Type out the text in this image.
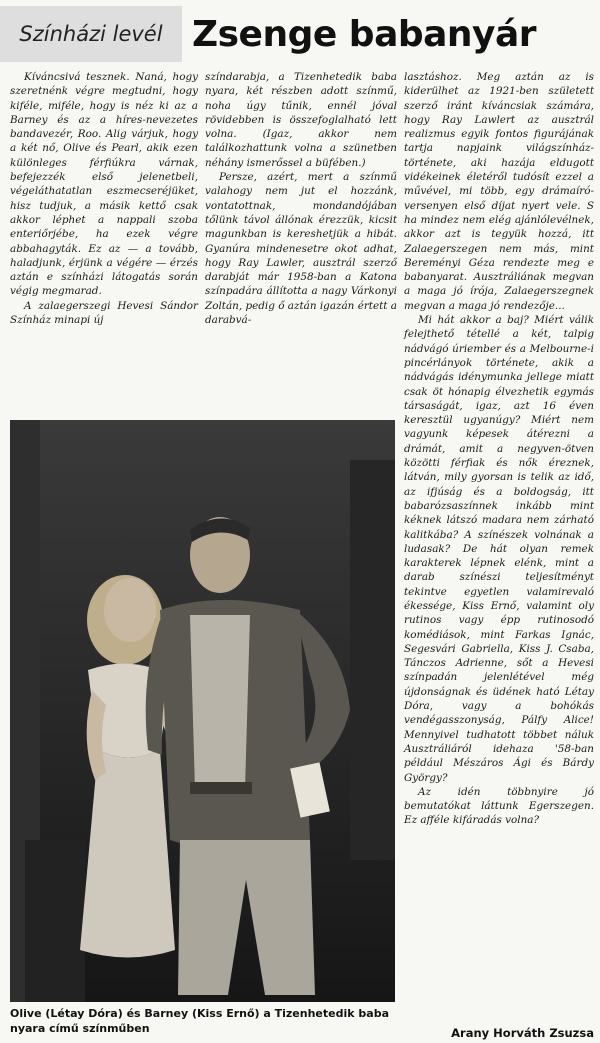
Színházi levél Zsenge babanyár

Kíváncsivá tesznek. Naná, hogy szeretnénk végre megtudni, hogy kiféle, miféle, hogy is néz ki az a Barney és az a híres-nevezetes bandavezér, Roo. Alig várjuk, hogy a két nő, Olive és Pearl, akik ezen különleges férfiúkra várnak, befejezzék első jelenetbeli, végeláthatatlan eszmecseréjüket, hisz tudjuk, a másik kettő csak akkor léphet a nappali szoba enteriőrjébe, ha ezek végre abbahagyták. Ez az — a tovább, haladjunk, érjünk a végére — érzés aztán e színházi látogatás során végig megmarad.

A zalaegerszegi Hevesi Sándor Színház minapi új

színdarabja, a Tizenhetedik baba nyara, két részben adott színmű, noha úgy tűnik, ennél jóval rövidebben is összefoglalható lett volna. (Igaz, akkor nem találkozhattunk volna a szünetben néhány ismerőssel a büfében.)

Persze, azért, mert a színmű valahogy nem jut el hozzánk, vontatottnak, mondandójában tőlünk távol állónak érezzük, kicsit magunkban is kereshetjük a hibát. Gyanúra mindenesetre okot adhat, hogy Ray Lawler, ausztrál szerző darabját már 1958-ban a Katona színpadára állította a nagy Várkonyi Zoltán, pedig ő aztán igazán értett a darabvá-

lasztáshoz. Meg aztán az is kiderülhet az 1921-ben született szerző iránt kíváncsiak számára, hogy Ray Lawlert az ausztrál realizmus egyik fontos figurájának tartja napjaink világszínház-története, aki hazája eldugott vidékeinek életéről tudósít ezzel a művével, mi több, egy drámaíró-versenyen első díjat nyert vele. S ha mindez nem elég ajánlólevélnek, akkor azt is tegyük hozzá, itt Zalaegerszegen nem más, mint Bereményi Géza rendezte meg e babanyarat. Ausztráliának megvan a maga jó írója, Zalaegerszegnek megvan a maga jó rendezője...

Mi hát akkor a baj? Miért válik felejthető tétellé a két, talpig nádvágó úriember és a Melbourne-i pincérlányok története, akik a nádvágás idénymunka jellege miatt csak öt hónapig élvezhetik egymás társaságát, igaz, azt 16 éven keresztül ugyanúgy? Miért nem vagyunk képesek átérezni a drámát, amit a negyven-ötven közötti férfiak és nők éreznek, látván, mily gyorsan is telik az idő, az ifjúság és a boldogság, itt babarózsaszínnek inkább mint kéknek látszó madara nem zárható kalitkába? A színészek volnának a ludasak? De hát olyan remek karakterek lépnek elénk, mint a darab színészi teljesítményt tekintve egyetlen valamirevaló ékessége, Kiss Ernő, valamint oly rutinos vagy épp rutinosodó komédiások, mint Farkas Ignác, Segesvári Gabriella, Kiss J. Csaba, Tánczos Adrienne, sőt a Hevesi színpadán jelenlétével még újdonságnak és üdének ható Létay Dóra, vagy a bohókás vendégasszonyság, Pálfy Alice! Mennyivel tudhatott többet náluk Ausztráliáról idehaza '58-ban például Mészáros Ági és Bárdy György?

Az idén többnyire jó bemutatókat láttunk Egerszegen. Ez afféle kifáradás volna?

Olive (Létay Dóra) és Barney (Kiss Ernő) a Tizenhetedik baba nyara című színműben	Arany Horváth Zsuzsa
